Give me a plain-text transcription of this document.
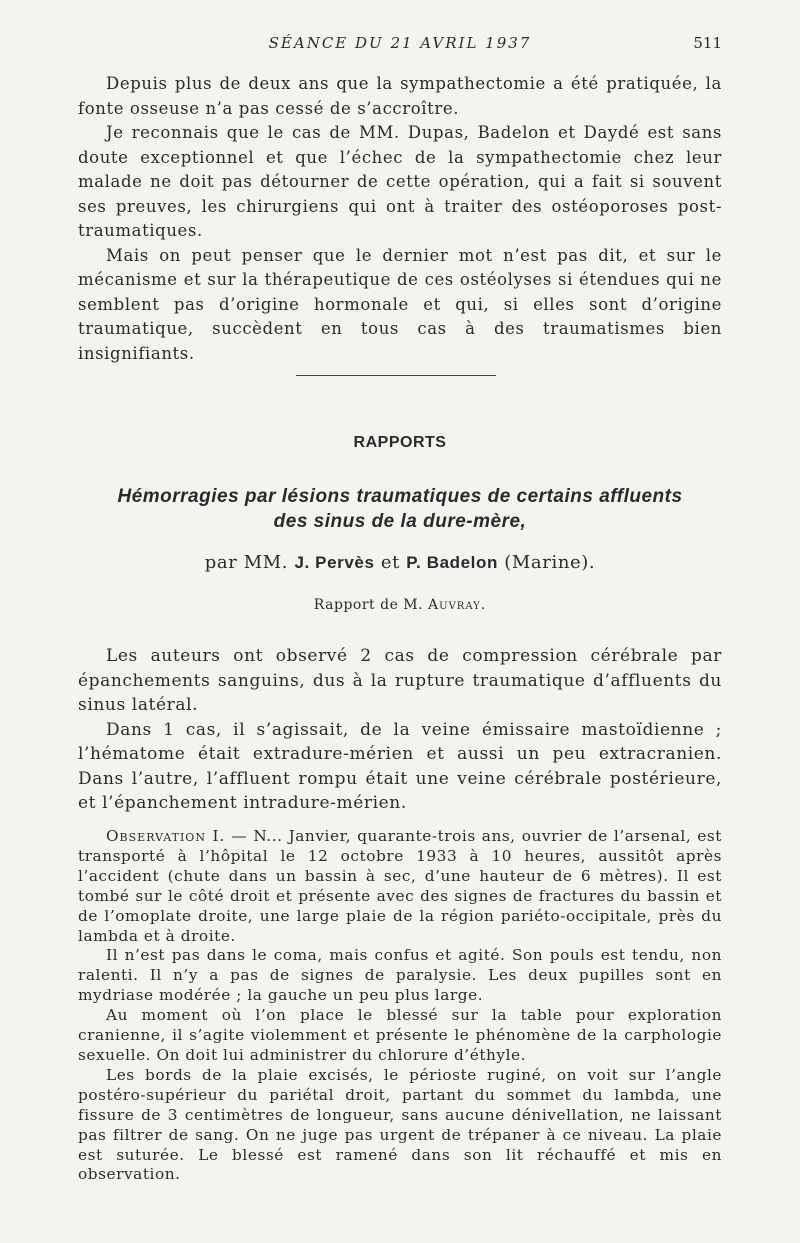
SÉANCE DU 21 AVRIL 1937	511

Depuis plus de deux ans que la sympathectomie a été pratiquée, la fonte osseuse n’a pas cessé de s’accroître.

Je reconnais que le cas de MM. Dupas, Badelon et Daydé est sans doute exceptionnel et que l’échec de la sympathectomie chez leur malade ne doit pas détourner de cette opération, qui a fait si souvent ses preuves, les chirurgiens qui ont à traiter des ostéoporoses post-traumatiques.

Mais on peut penser que le dernier mot n’est pas dit, et sur le mécanisme et sur la thérapeutique de ces ostéolyses si étendues qui ne semblent pas d’origine hormonale et qui, si elles sont d’origine traumatique, succèdent en tous cas à des traumatismes bien insignifiants.

RAPPORTS
Hémorragies par lésions traumatiques de certains affluents
des sinus de la dure-mère,
par MM. J. Pervès et P. Badelon (Marine).
Rapport de M. Auvray.

Les auteurs ont observé 2 cas de compression cérébrale par épanchements sanguins, dus à la rupture traumatique d’affluents du sinus latéral.

Dans 1 cas, il s’agissait, de la veine émissaire mastoïdienne ; l’hématome était extradure-mérien et aussi un peu extracranien. Dans l’autre, l’affluent rompu était une veine cérébrale postérieure, et l’épanchement intradure-mérien.

Observation I. — N... Janvier, quarante-trois ans, ouvrier de l’arsenal, est transporté à l’hôpital le 12 octobre 1933 à 10 heures, aussitôt après l’accident (chute dans un bassin à sec, d’une hauteur de 6 mètres). Il est tombé sur le côté droit et présente avec des signes de fractures du bassin et de l’omoplate droite, une large plaie de la région pariéto-occipitale, près du lambda et à droite.

Il n’est pas dans le coma, mais confus et agité. Son pouls est tendu, non ralenti. Il n’y a pas de signes de paralysie. Les deux pupilles sont en mydriase modérée ; la gauche un peu plus large.

Au moment où l’on place le blessé sur la table pour exploration cranienne, il s’agite violemment et présente le phénomène de la carphologie sexuelle. On doit lui administrer du chlorure d’éthyle.

Les bords de la plaie excisés, le périoste ruginé, on voit sur l’angle postéro-supérieur du pariétal droit, partant du sommet du lambda, une fissure de 3 centimètres de longueur, sans aucune dénivellation, ne laissant pas filtrer de sang. On ne juge pas urgent de trépaner à ce niveau. La plaie est suturée. Le blessé est ramené dans son lit réchauffé et mis en observation.
